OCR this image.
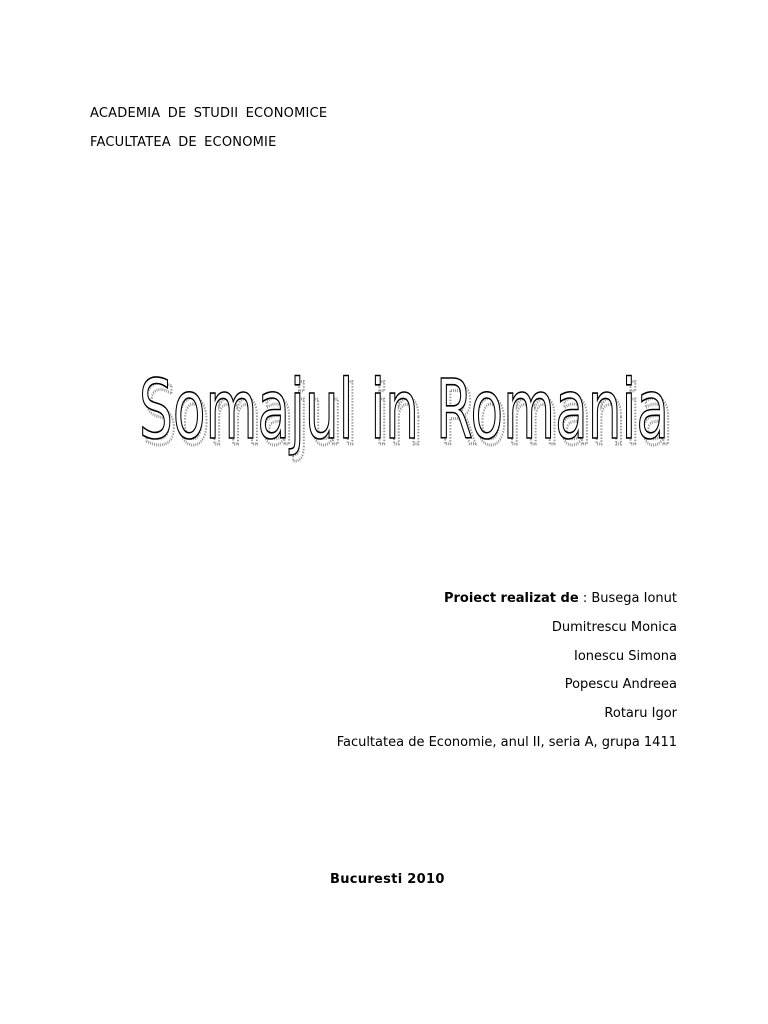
ACADEMIA DE STUDII ECONOMICE
FACULTATEA DE ECONOMIE
Somajul in Romania
Somajul in Romania
Proiect realizat de : Busega Ionut
Dumitrescu Monica
Ionescu Simona
Popescu Andreea
Rotaru Igor
Facultatea de Economie, anul II, seria A, grupa 1411
Bucuresti 2010
